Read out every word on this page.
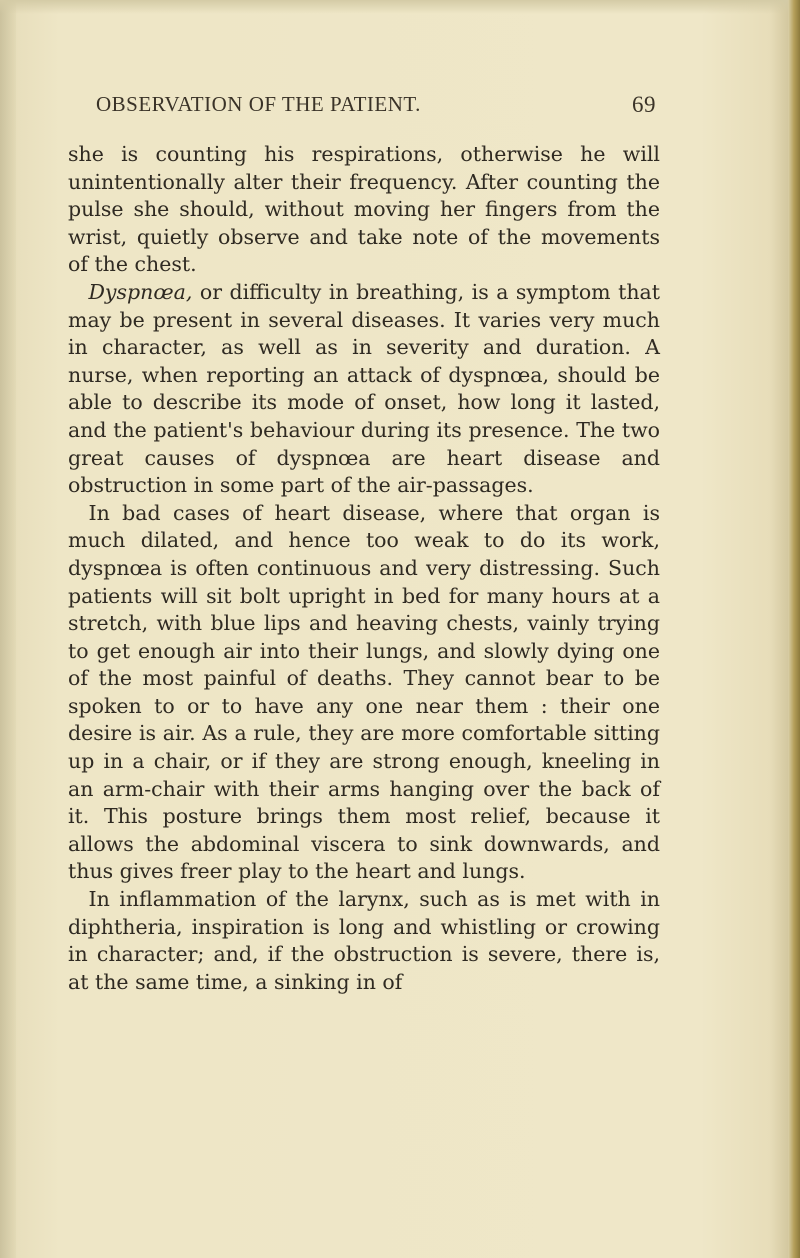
OBSERVATION OF THE PATIENT.	69

she is counting his respirations, otherwise he will unintentionally alter their frequency. After counting the pulse she should, without moving her fingers from the wrist, quietly observe and take note of the movements of the chest.

Dyspnœa, or difficulty in breathing, is a symptom that may be present in several diseases. It varies very much in character, as well as in severity and duration. A nurse, when reporting an attack of dyspnœa, should be able to describe its mode of onset, how long it lasted, and the patient's behaviour during its presence. The two great causes of dyspnœa are heart disease and obstruction in some part of the air-passages.

In bad cases of heart disease, where that organ is much dilated, and hence too weak to do its work, dyspnœa is often continuous and very distressing. Such patients will sit bolt upright in bed for many hours at a stretch, with blue lips and heaving chests, vainly trying to get enough air into their lungs, and slowly dying one of the most painful of deaths. They cannot bear to be spoken to or to have any one near them : their one desire is air. As a rule, they are more comfortable sitting up in a chair, or if they are strong enough, kneeling in an arm-chair with their arms hanging over the back of it. This posture brings them most relief, because it allows the abdominal viscera to sink downwards, and thus gives freer play to the heart and lungs.

In inflammation of the larynx, such as is met with in diphtheria, inspiration is long and whistling or crowing in character; and, if the obstruction is severe, there is, at the same time, a sinking in of
